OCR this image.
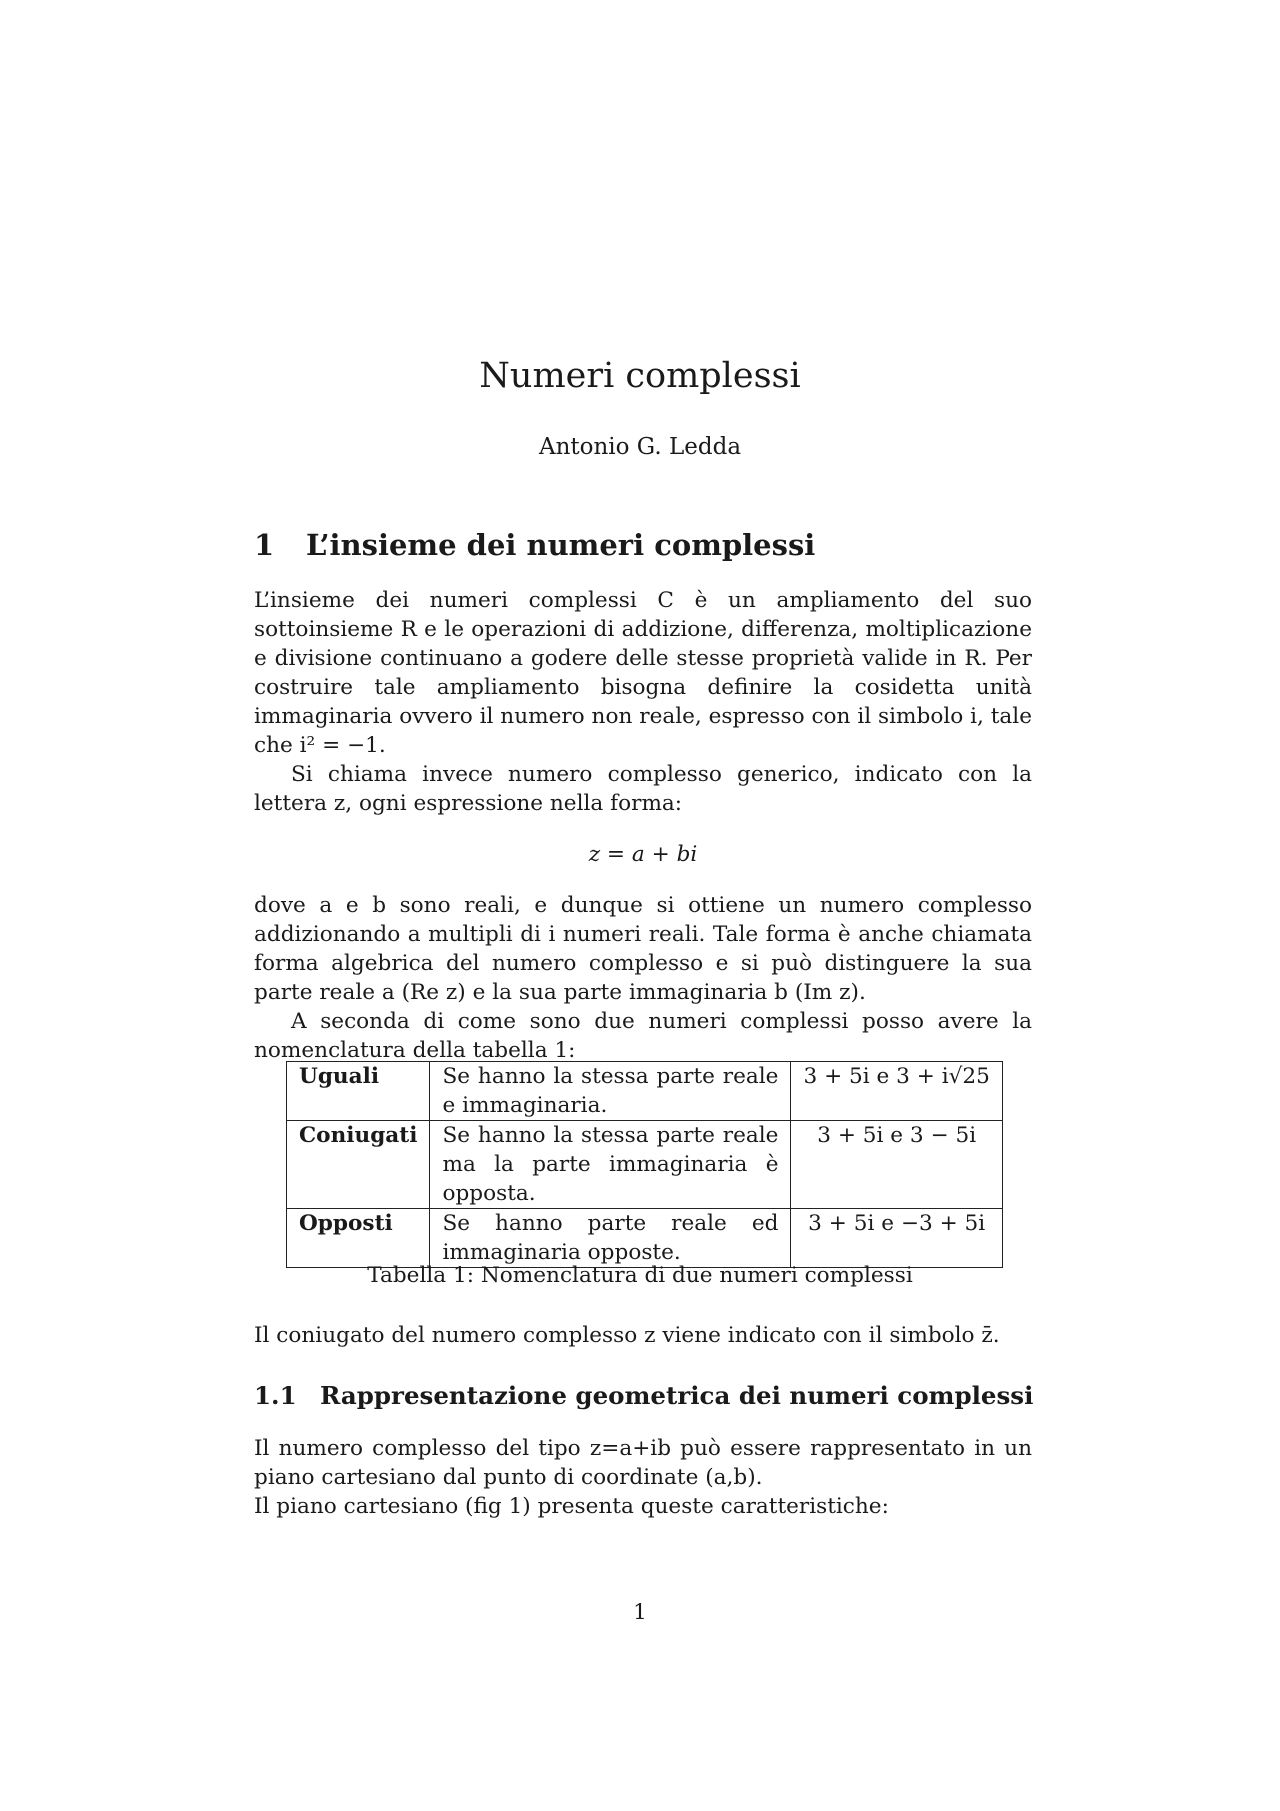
Numeri complessi
Antonio G. Ledda
1 L’insieme dei numeri complessi

L’insieme dei numeri complessi C è un ampliamento del suo sottoinsieme R e le operazioni di addizione, differenza, moltiplicazione e divisione continuano a godere delle stesse proprietà valide in R. Per costruire tale ampliamento bisogna definire la cosidetta unità immaginaria ovvero il numero non reale, espresso con il simbolo i, tale che i² = −1.

Si chiama invece numero complesso generico, indicato con la lettera z, ogni espressione nella forma:

z = a + bi

dove a e b sono reali, e dunque si ottiene un numero complesso addizionando a multipli di i numeri reali. Tale forma è anche chiamata forma algebrica del numero complesso e si può distinguere la sua parte reale a (Re z) e la sua parte immaginaria b (Im z).

A seconda di come sono due numeri complessi posso avere la nomenclatura della tabella 1:

Uguali	Se hanno la stessa parte reale e immaginaria.	3 + 5i e 3 + i√25
Coniugati	Se hanno la stessa parte reale ma la parte immaginaria è opposta.	3 + 5i e 3 − 5i
Opposti	Se hanno parte reale ed immaginaria opposte.	3 + 5i e −3 + 5i
Tabella 1: Nomenclatura di due numeri complessi

Il coniugato del numero complesso z viene indicato con il simbolo z̄.

1.1 Rappresentazione geometrica dei numeri complessi

Il numero complesso del tipo z=a+ib può essere rappresentato in un piano cartesiano dal punto di coordinate (a,b).

Il piano cartesiano (fig 1) presenta queste caratteristiche:

1
